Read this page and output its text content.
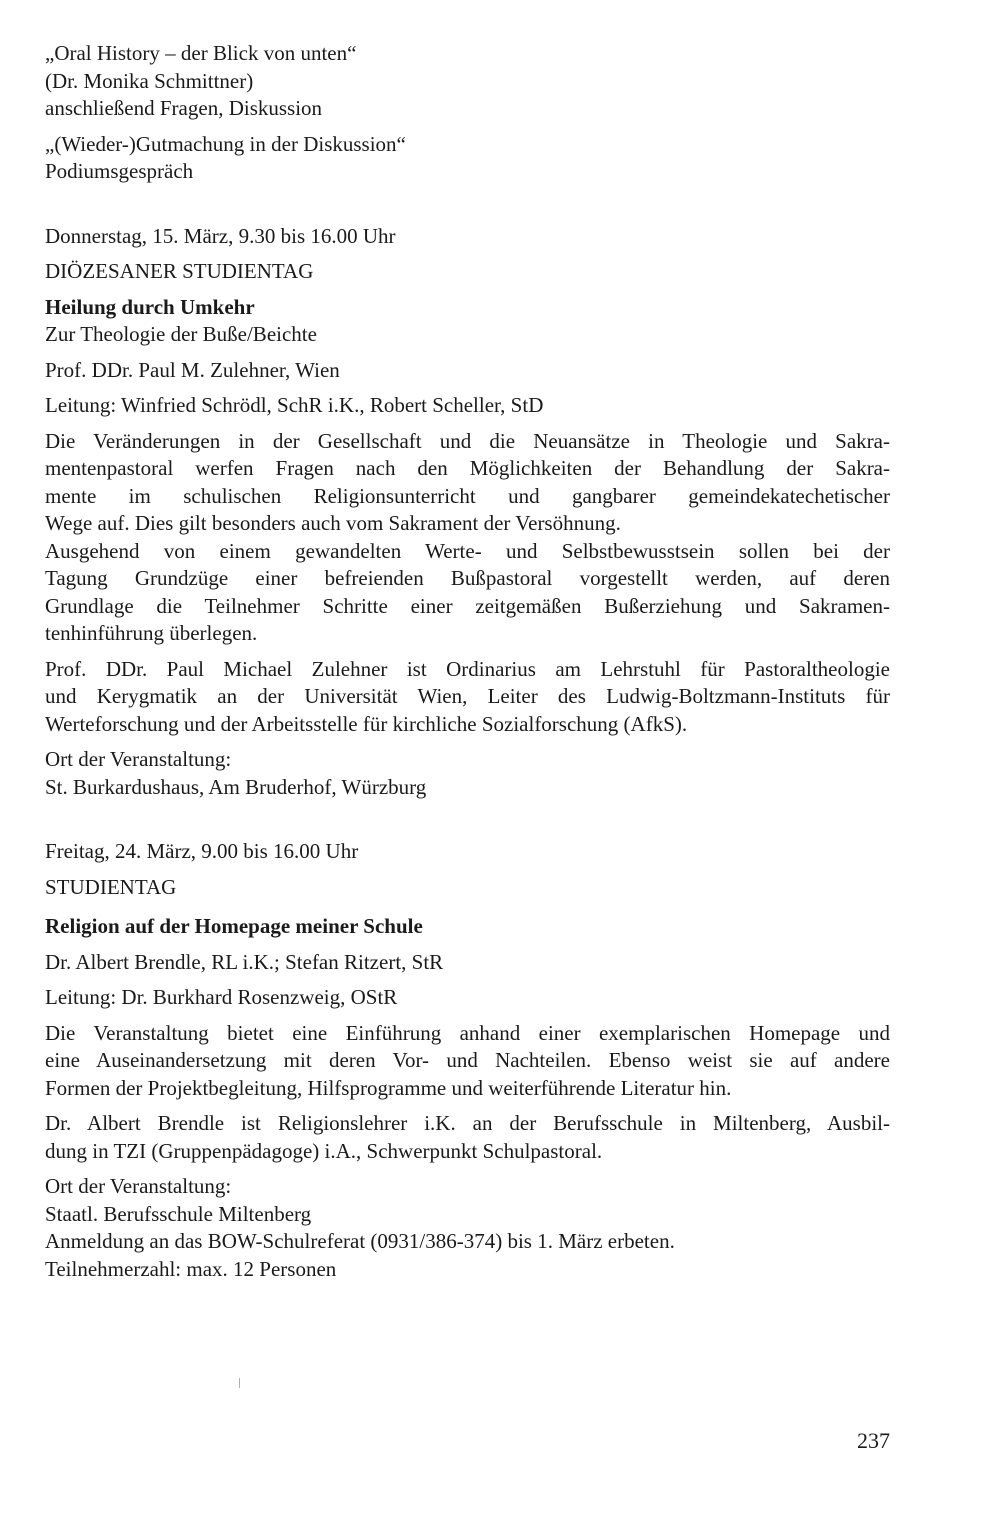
„Oral History – der Blick von unten“

(Dr. Monika Schmittner)

anschließend Fragen, Diskussion

„(Wieder-)Gutmachung in der Diskussion“

Podiumsgespräch

Donnerstag, 15. März, 9.30 bis 16.00 Uhr

DIÖZESANER STUDIENTAG

Heilung durch Umkehr

Zur Theologie der Buße/Beichte

Prof. DDr. Paul M. Zulehner, Wien

Leitung: Winfried Schrödl, SchR i.K., Robert Scheller, StD

Die Veränderungen in der Gesellschaft und die Neuansätze in Theologie und Sakra-
mentenpastoral werfen Fragen nach den Möglichkeiten der Behandlung der Sakra-
mente im schulischen Religionsunterricht und gangbarer gemeindekatechetischer
Wege auf. Dies gilt besonders auch vom Sakrament der Versöhnung.
Ausgehend von einem gewandelten Werte- und Selbstbewusstsein sollen bei der
Tagung Grundzüge einer befreienden Bußpastoral vorgestellt werden, auf deren
Grundlage die Teilnehmer Schritte einer zeitgemäßen Bußerziehung und Sakramen-
tenhinführung überlegen.
Prof. DDr. Paul Michael Zulehner ist Ordinarius am Lehrstuhl für Pastoraltheologie
und Kerygmatik an der Universität Wien, Leiter des Ludwig-Boltzmann-Instituts für
Werteforschung und der Arbeitsstelle für kirchliche Sozialforschung (AfkS).

Ort der Veranstaltung:

St. Burkardushaus, Am Bruderhof, Würzburg

Freitag, 24. März, 9.00 bis 16.00 Uhr

STUDIENTAG

Religion auf der Homepage meiner Schule

Dr. Albert Brendle, RL i.K.; Stefan Ritzert, StR

Leitung: Dr. Burkhard Rosenzweig, OStR

Die Veranstaltung bietet eine Einführung anhand einer exemplarischen Homepage und
eine Auseinandersetzung mit deren Vor- und Nachteilen. Ebenso weist sie auf andere
Formen der Projektbegleitung, Hilfsprogramme und weiterführende Literatur hin.
Dr. Albert Brendle ist Religionslehrer i.K. an der Berufsschule in Miltenberg, Ausbil-
dung in TZI (Gruppenpädagoge) i.A., Schwerpunkt Schulpastoral.

Ort der Veranstaltung:

Staatl. Berufsschule Miltenberg

Anmeldung an das BOW-Schulreferat (0931/386-374) bis 1. März erbeten.

Teilnehmerzahl: max. 12 Personen

237
